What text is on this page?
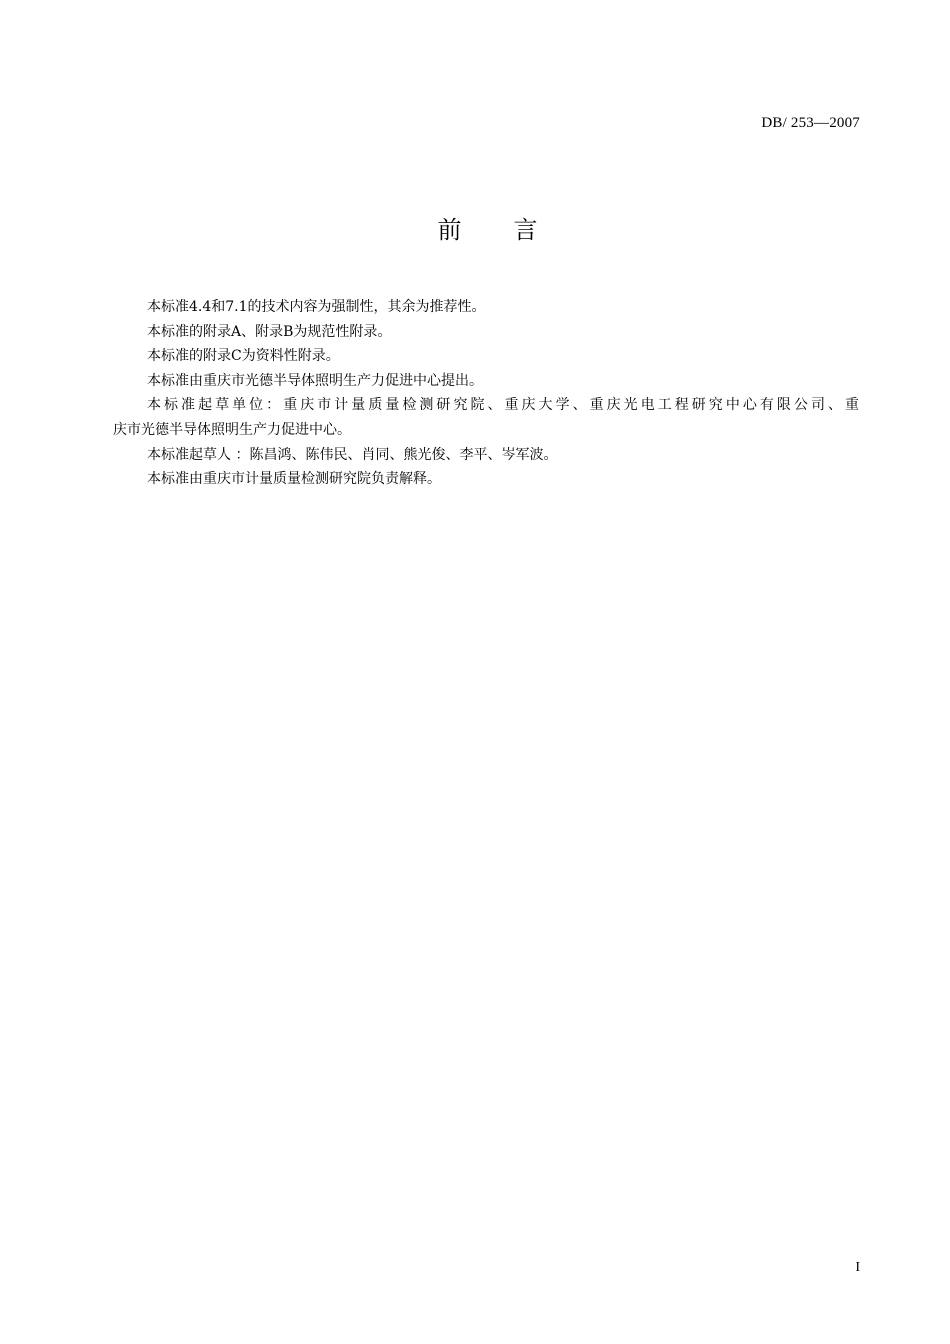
DB/ 253—2007
前 言

本标准4.4和7.1的技术内容为强制性，其余为推荐性。

本标准的附录A、附录B为规范性附录。

本标准的附录C为资料性附录。

本标准由重庆市光德半导体照明生产力促进中心提出。

本标准起草单位：重庆市计量质量检测研究院、重庆大学、重庆光电工程研究中心有限公司、重
庆市光德半导体照明生产力促进中心。

本标准起草人 ：陈昌鸿、陈伟民、肖同、熊光俊、李平、岑军波。

本标准由重庆市计量质量检测研究院负责解释。

I
